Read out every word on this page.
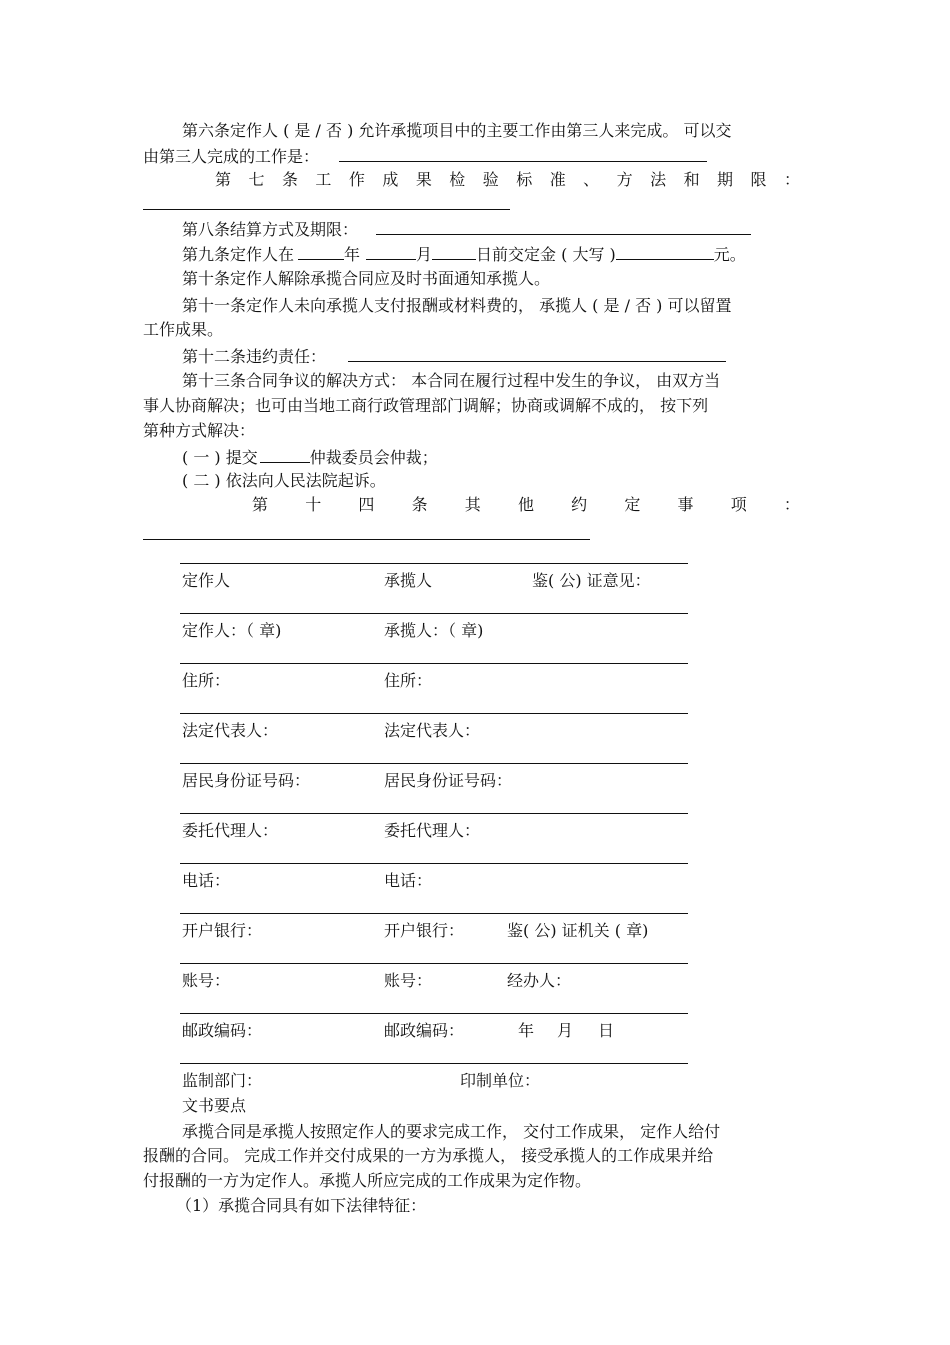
第六条定作人 ( 是 / 否 ) 允许承揽项目中的主要工作由第三人来完成。 可以交
由第三人完成的工作是：
第 七 条 工 作 成 果 检 验 标 准 、 方 法 和 期 限 ：
第八条结算方式及期限：
第九条定作人在	年	月	日前交定金 ( 大写 )	元。
第十条定作人解除承揽合同应及时书面通知承揽人。
第十一条定作人未向承揽人支付报酬或材料费的， 承揽人 ( 是 / 否 ) 可以留置
工作成果。
第十二条违约责任：
第十三条合同争议的解决方式： 本合同在履行过程中发生的争议， 由双方当
事人协商解决；也可由当地工商行政管理部门调解；协商或调解不成的， 按下列
第种方式解决：
( 一 ) 提交	仲裁委员会仲裁；
( 二 ) 依法向人民法院起诉。
第 十 四 条 其 他 约 定 事 项 ：
定作人	承揽人	鉴( 公) 证意见：
定作人：（ 章)	承揽人：（ 章)
住所：	住所：
法定代表人：	法定代表人：
居民身份证号码：	居民身份证号码：
委托代理人：	委托代理人：
电话：	电话：
开户银行：	开户银行：	鉴( 公) 证机关 ( 章)
账号：	账号：	经办人：
邮政编码：	邮政编码：	年 月 日
监制部门：	印制单位：
文书要点
承揽合同是承揽人按照定作人的要求完成工作， 交付工作成果， 定作人给付
报酬的合同。 完成工作并交付成果的一方为承揽人， 接受承揽人的工作成果并给
付报酬的一方为定作人。承揽人所应完成的工作成果为定作物。
（1）承揽合同具有如下法律特征：
